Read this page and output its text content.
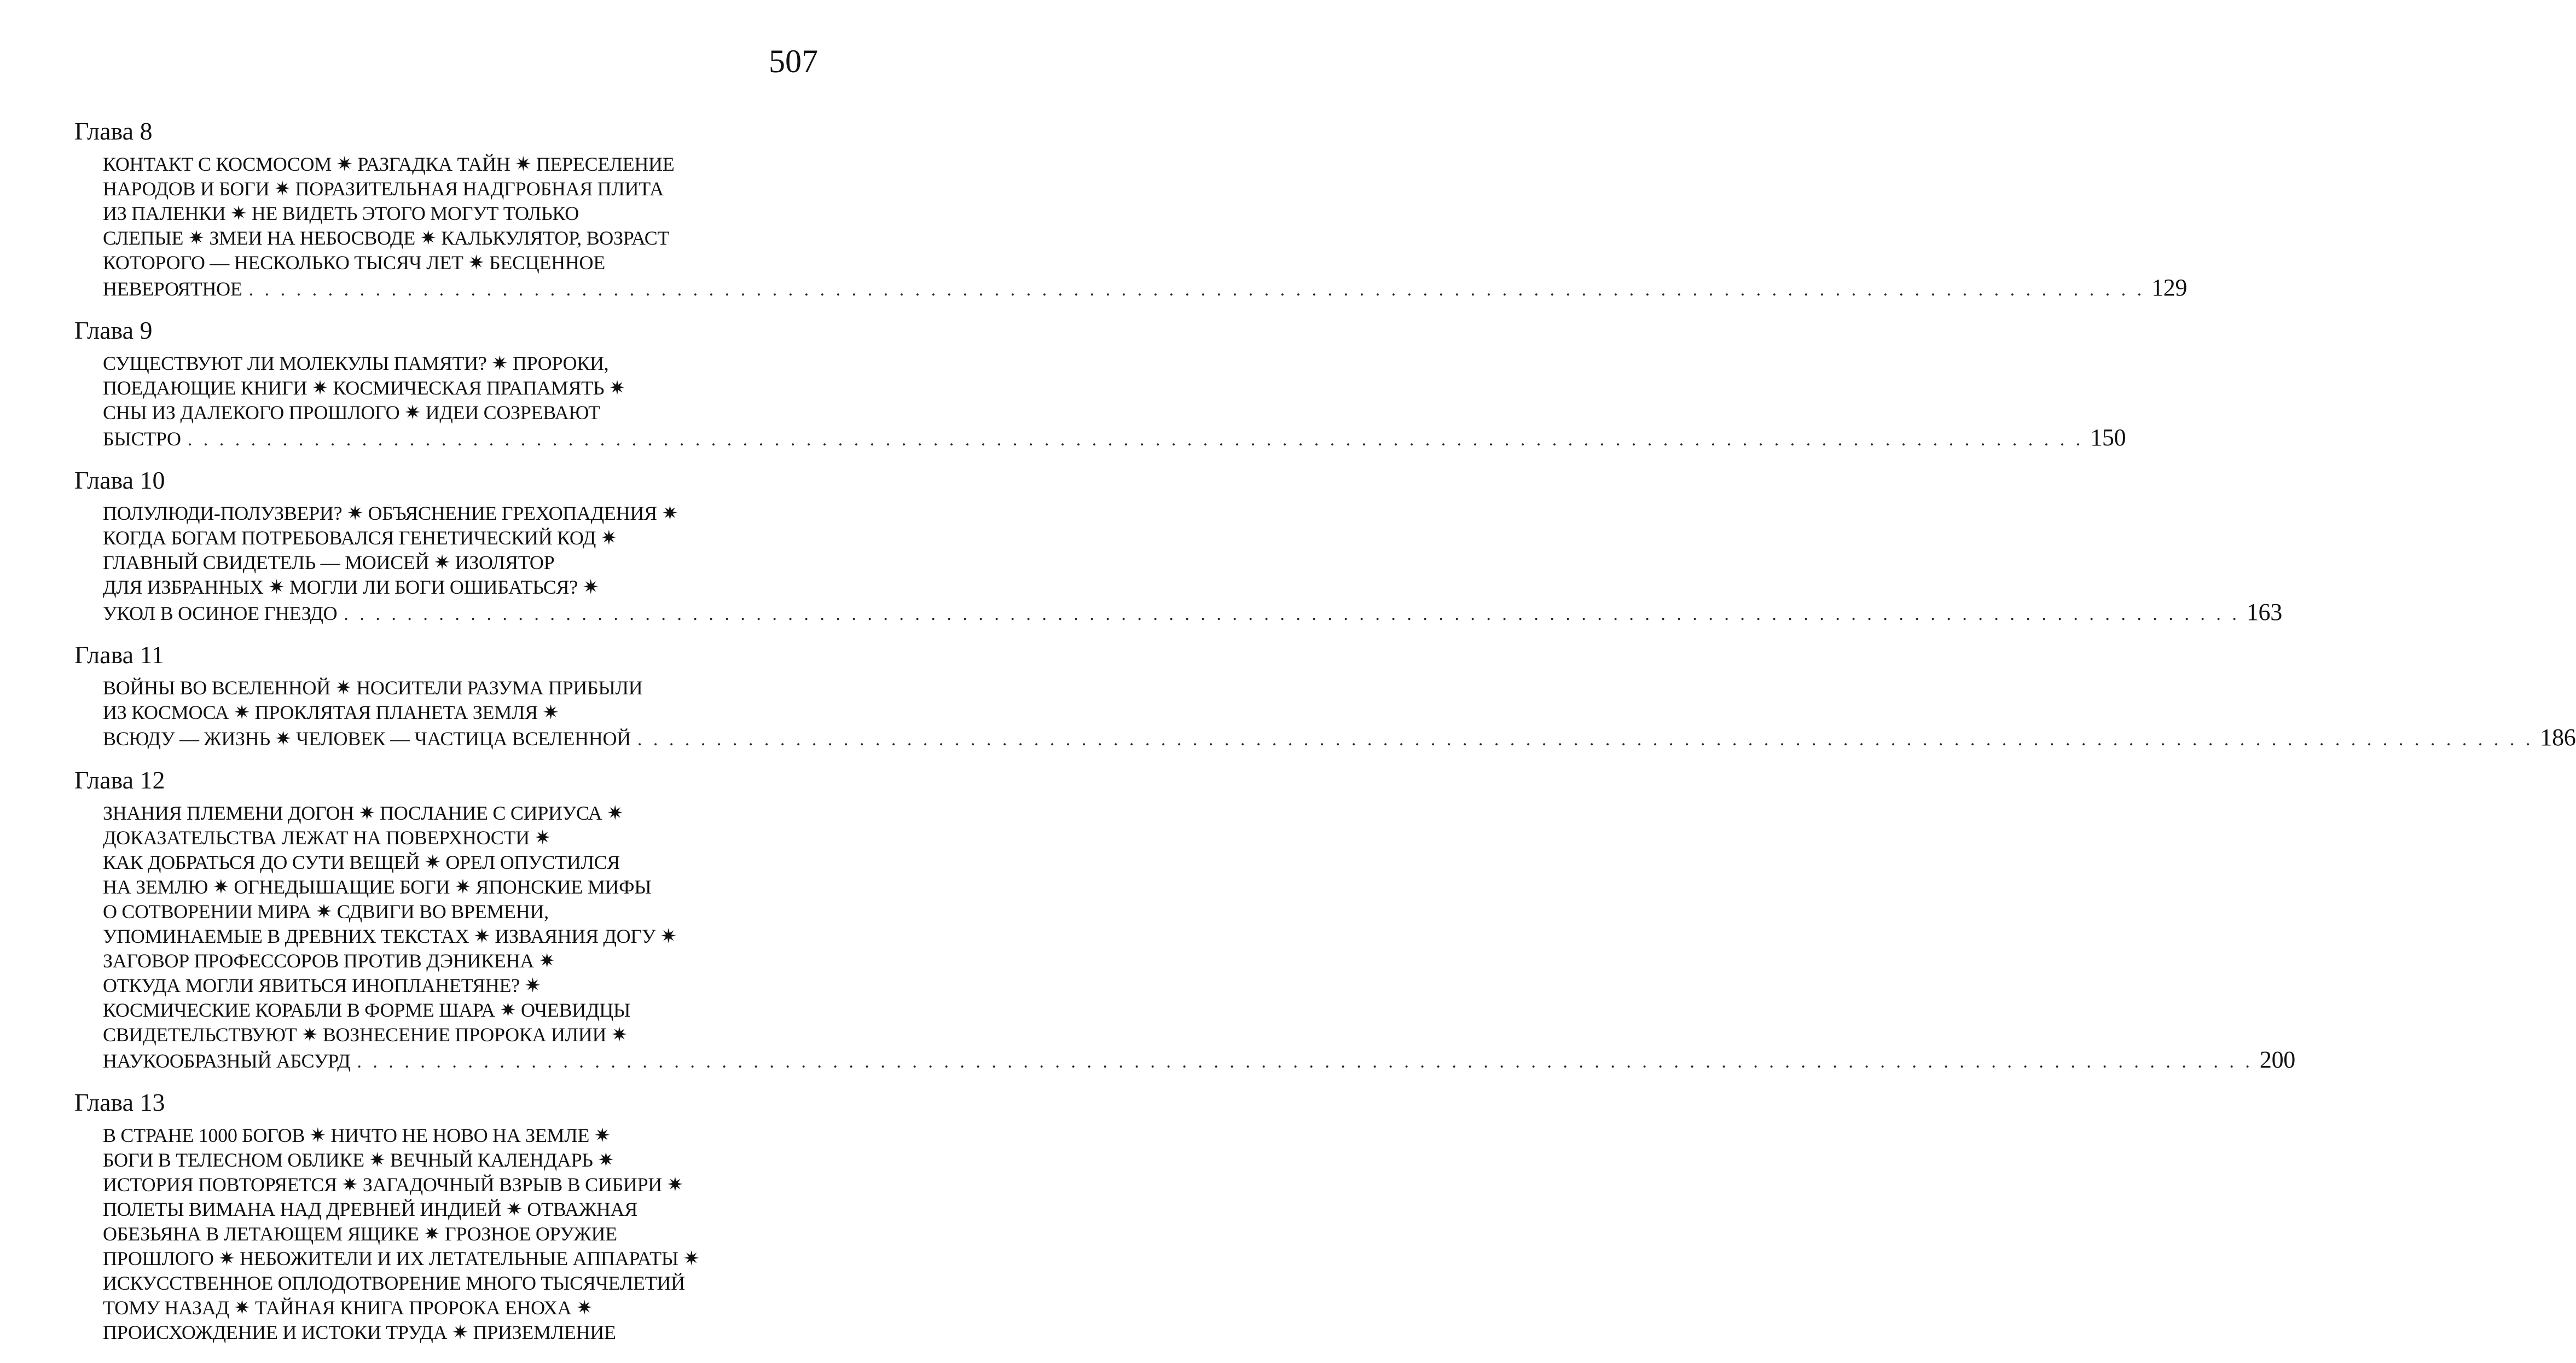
507
Глава 8
КОНТАКТ С КОСМОСОМ ✷ РАЗГАДКА ТАЙН ✷ ПЕРЕСЕЛЕНИЕ
НАРОДОВ И БОГИ ✷ ПОРАЗИТЕЛЬНАЯ НАДГРОБНАЯ ПЛИТА
ИЗ ПАЛЕНКИ ✷ НЕ ВИДЕТЬ ЭТОГО МОГУТ ТОЛЬКО
СЛЕПЫЕ ✷ ЗМЕИ НА НЕБОСВОДЕ ✷ КАЛЬКУЛЯТОР, ВОЗРАСТ
КОТОРОГО — НЕСКОЛЬКО ТЫСЯЧ ЛЕТ ✷ БЕСЦЕННОЕ
НЕВЕРОЯТНОЕ . . . . . . . . . . . . . . . . . . . . . . . . . . . . . . . . . . . . . . . . . . . . . . . . . . . . . . . . . . . . . . . . . . . . . . . . . . . . . . . . . . . . . . . . . . . . . . . . . . . . . . . . . . . . . . . . . . . . . . . . 129
Глава 9
СУЩЕСТВУЮТ ЛИ МОЛЕКУЛЫ ПАМЯТИ? ✷ ПРОРОКИ,
ПОЕДАЮЩИЕ КНИГИ ✷ КОСМИЧЕСКАЯ ПРАПАМЯТЬ ✷
СНЫ ИЗ ДАЛЕКОГО ПРОШЛОГО ✷ ИДЕИ СОЗРЕВАЮТ
БЫСТРО . . . . . . . . . . . . . . . . . . . . . . . . . . . . . . . . . . . . . . . . . . . . . . . . . . . . . . . . . . . . . . . . . . . . . . . . . . . . . . . . . . . . . . . . . . . . . . . . . . . . . . . . . . . . . . . . . . . . . . . . 150
Глава 10
ПОЛУЛЮДИ-ПОЛУЗВЕРИ? ✷ ОБЪЯСНЕНИЕ ГРЕХОПАДЕНИЯ ✷
КОГДА БОГАМ ПОТРЕБОВАЛСЯ ГЕНЕТИЧЕСКИЙ КОД ✷
ГЛАВНЫЙ СВИДЕТЕЛЬ — МОИСЕЙ ✷ ИЗОЛЯТОР
ДЛЯ ИЗБРАННЫХ ✷ МОГЛИ ЛИ БОГИ ОШИБАТЬСЯ? ✷
УКОЛ В ОСИНОЕ ГНЕЗДО . . . . . . . . . . . . . . . . . . . . . . . . . . . . . . . . . . . . . . . . . . . . . . . . . . . . . . . . . . . . . . . . . . . . . . . . . . . . . . . . . . . . . . . . . . . . . . . . . . . . . . . . . . . . . . . . . . . . . . . . 163
Глава 11
ВОЙНЫ ВО ВСЕЛЕННОЙ ✷ НОСИТЕЛИ РАЗУМА ПРИБЫЛИ
ИЗ КОСМОСА ✷ ПРОКЛЯТАЯ ПЛАНЕТА ЗЕМЛЯ ✷
ВСЮДУ — ЖИЗНЬ ✷ ЧЕЛОВЕК — ЧАСТИЦА ВСЕЛЕННОЙ . . . . . . . . . . . . . . . . . . . . . . . . . . . . . . . . . . . . . . . . . . . . . . . . . . . . . . . . . . . . . . . . . . . . . . . . . . . . . . . . . . . . . . . . . . . . . . . . . . . . . . . . . . . . . . . . . . . . . . . . 186
Глава 12
ЗНАНИЯ ПЛЕМЕНИ ДОГОН ✷ ПОСЛАНИЕ С СИРИУСА ✷
ДОКАЗАТЕЛЬСТВА ЛЕЖАТ НА ПОВЕРХНОСТИ ✷
КАК ДОБРАТЬСЯ ДО СУТИ ВЕЩЕЙ ✷ ОРЕЛ ОПУСТИЛСЯ
НА ЗЕМЛЮ ✷ ОГНЕДЫШАЩИЕ БОГИ ✷ ЯПОНСКИЕ МИФЫ
О СОТВОРЕНИИ МИРА ✷ СДВИГИ ВО ВРЕМЕНИ,
УПОМИНАЕМЫЕ В ДРЕВНИХ ТЕКСТАХ ✷ ИЗВАЯНИЯ ДОГУ ✷
ЗАГОВОР ПРОФЕССОРОВ ПРОТИВ ДЭНИКЕНА ✷
ОТКУДА МОГЛИ ЯВИТЬСЯ ИНОПЛАНЕТЯНЕ? ✷
КОСМИЧЕСКИЕ КОРАБЛИ В ФОРМЕ ШАРА ✷ ОЧЕВИДЦЫ
СВИДЕТЕЛЬСТВУЮТ ✷ ВОЗНЕСЕНИЕ ПРОРОКА ИЛИИ ✷
НАУКООБРАЗНЫЙ АБСУРД . . . . . . . . . . . . . . . . . . . . . . . . . . . . . . . . . . . . . . . . . . . . . . . . . . . . . . . . . . . . . . . . . . . . . . . . . . . . . . . . . . . . . . . . . . . . . . . . . . . . . . . . . . . . . . . . . . . . . . . . 200
Глава 13
В СТРАНЕ 1000 БОГОВ ✷ НИЧТО НЕ НОВО НА ЗЕМЛЕ ✷
БОГИ В ТЕЛЕСНОМ ОБЛИКЕ ✷ ВЕЧНЫЙ КАЛЕНДАРЬ ✷
ИСТОРИЯ ПОВТОРЯЕТСЯ ✷ ЗАГАДОЧНЫЙ ВЗРЫВ В СИБИРИ ✷
ПОЛЕТЫ ВИМАНА НАД ДРЕВНЕЙ ИНДИЕЙ ✷ ОТВАЖНАЯ
ОБЕЗЬЯНА В ЛЕТАЮЩЕМ ЯЩИКЕ ✷ ГРОЗНОЕ ОРУЖИЕ
ПРОШЛОГО ✷ НЕБОЖИТЕЛИ И ИХ ЛЕТАТЕЛЬНЫЕ АППАРАТЫ ✷
ИСКУССТВЕННОЕ ОПЛОДОТВОРЕНИЕ МНОГО ТЫСЯЧЕЛЕТИЙ
ТОМУ НАЗАД ✷ ТАЙНАЯ КНИГА ПРОРОКА ЕНОХА ✷
ПРОИСХОЖДЕНИЕ И ИСТОКИ ТРУДА ✷ ПРИЗЕМЛЕНИЕ
